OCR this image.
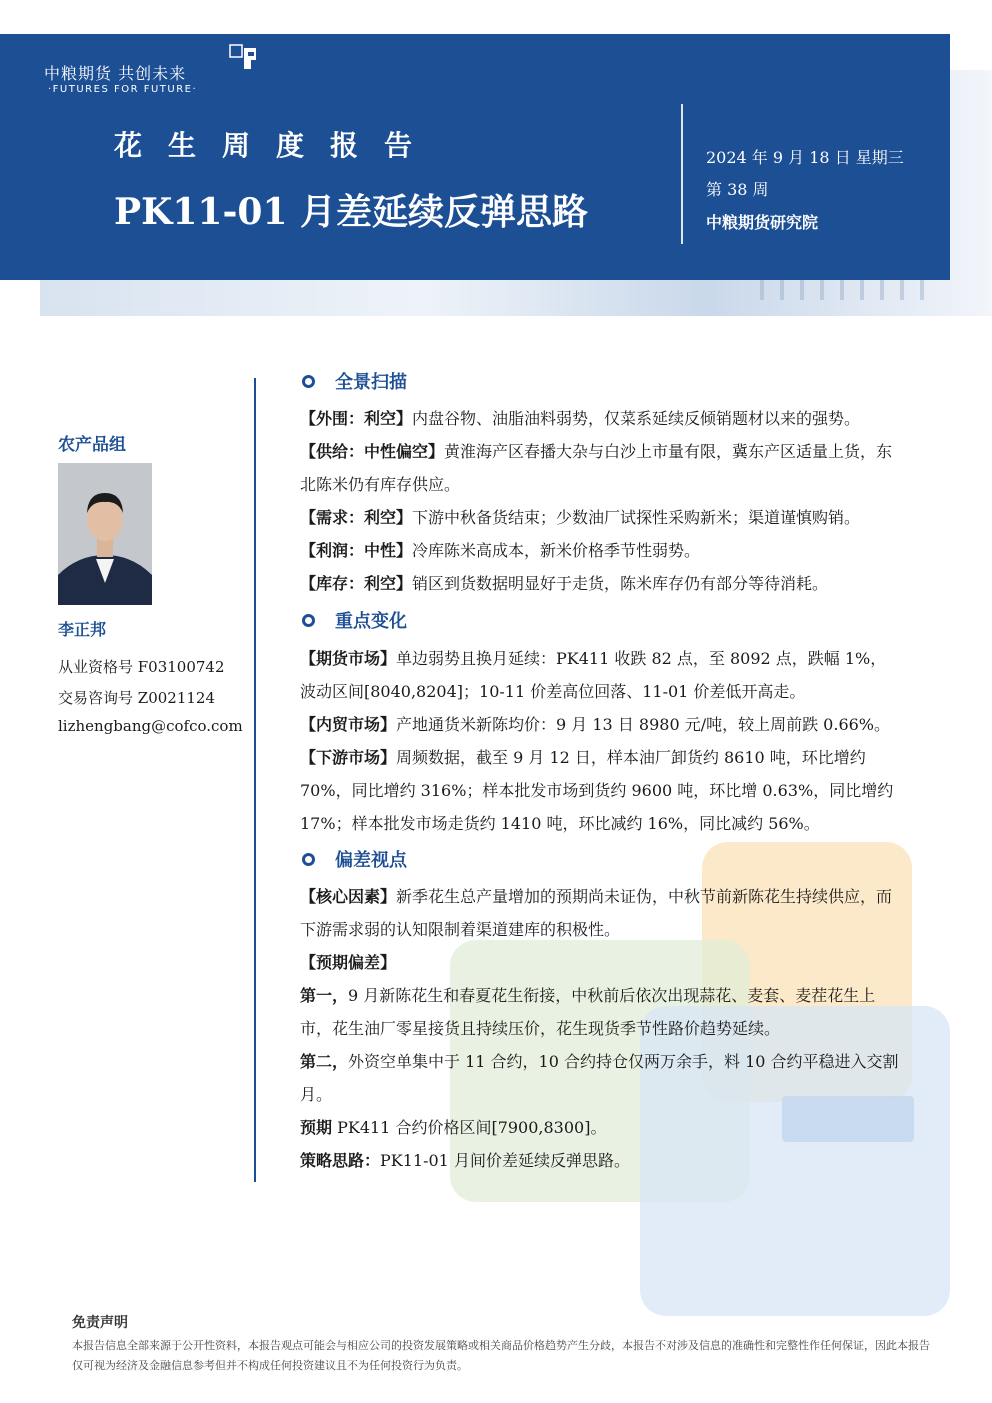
中粮期货 共创未来
·FUTURES FOR FUTURE·
花生周度报告
PK11-01 月差延续反弹思路
2024 年 9 月 18 日 星期三
第 38 周
中粮期货研究院
农产品组
李正邦
从业资格号 F03100742
交易咨询号 Z0021124
lizhengbang@cofco.com
全景扫描
【外围：利空】内盘谷物、油脂油料弱势，仅菜系延续反倾销题材以来的强势。
【供给：中性偏空】黄淮海产区春播大杂与白沙上市量有限，冀东产区适量上货，东北陈米仍有库存供应。
【需求：利空】下游中秋备货结束；少数油厂试探性采购新米；渠道谨慎购销。
【利润：中性】冷库陈米高成本，新米价格季节性弱势。
【库存：利空】销区到货数据明显好于走货，陈米库存仍有部分等待消耗。
重点变化
【期货市场】单边弱势且换月延续：PK411 收跌 82 点，至 8092 点，跌幅 1%，波动区间[8040,8204]；10-11 价差高位回落、11-01 价差低开高走。
【内贸市场】产地通货米新陈均价：9 月 13 日 8980 元/吨，较上周前跌 0.66%。
【下游市场】周频数据，截至 9 月 12 日，样本油厂卸货约 8610 吨，环比增约 70%，同比增约 316%；样本批发市场到货约 9600 吨，环比增 0.63%，同比增约 17%；样本批发市场走货约 1410 吨，环比减约 16%，同比减约 56%。
偏差视点
【核心因素】新季花生总产量增加的预期尚未证伪，中秋节前新陈花生持续供应，而下游需求弱的认知限制着渠道建库的积极性。
【预期偏差】
第一，9 月新陈花生和春夏花生衔接，中秋前后依次出现蒜花、麦套、麦茬花生上市，花生油厂零星接货且持续压价，花生现货季节性路价趋势延续。
第二，外资空单集中于 11 合约，10 合约持仓仅两万余手，料 10 合约平稳进入交割月。
预期 PK411 合约价格区间[7900,8300]。
策略思路：PK11-01 月间价差延续反弹思路。
免责声明
本报告信息全部来源于公开性资料，本报告观点可能会与相应公司的投资发展策略或相关商品价格趋势产生分歧，本报告不对涉及信息的准确性和完整性作任何保证，因此本报告仅可视为经济及金融信息参考但并不构成任何投资建议且不为任何投资行为负责。
